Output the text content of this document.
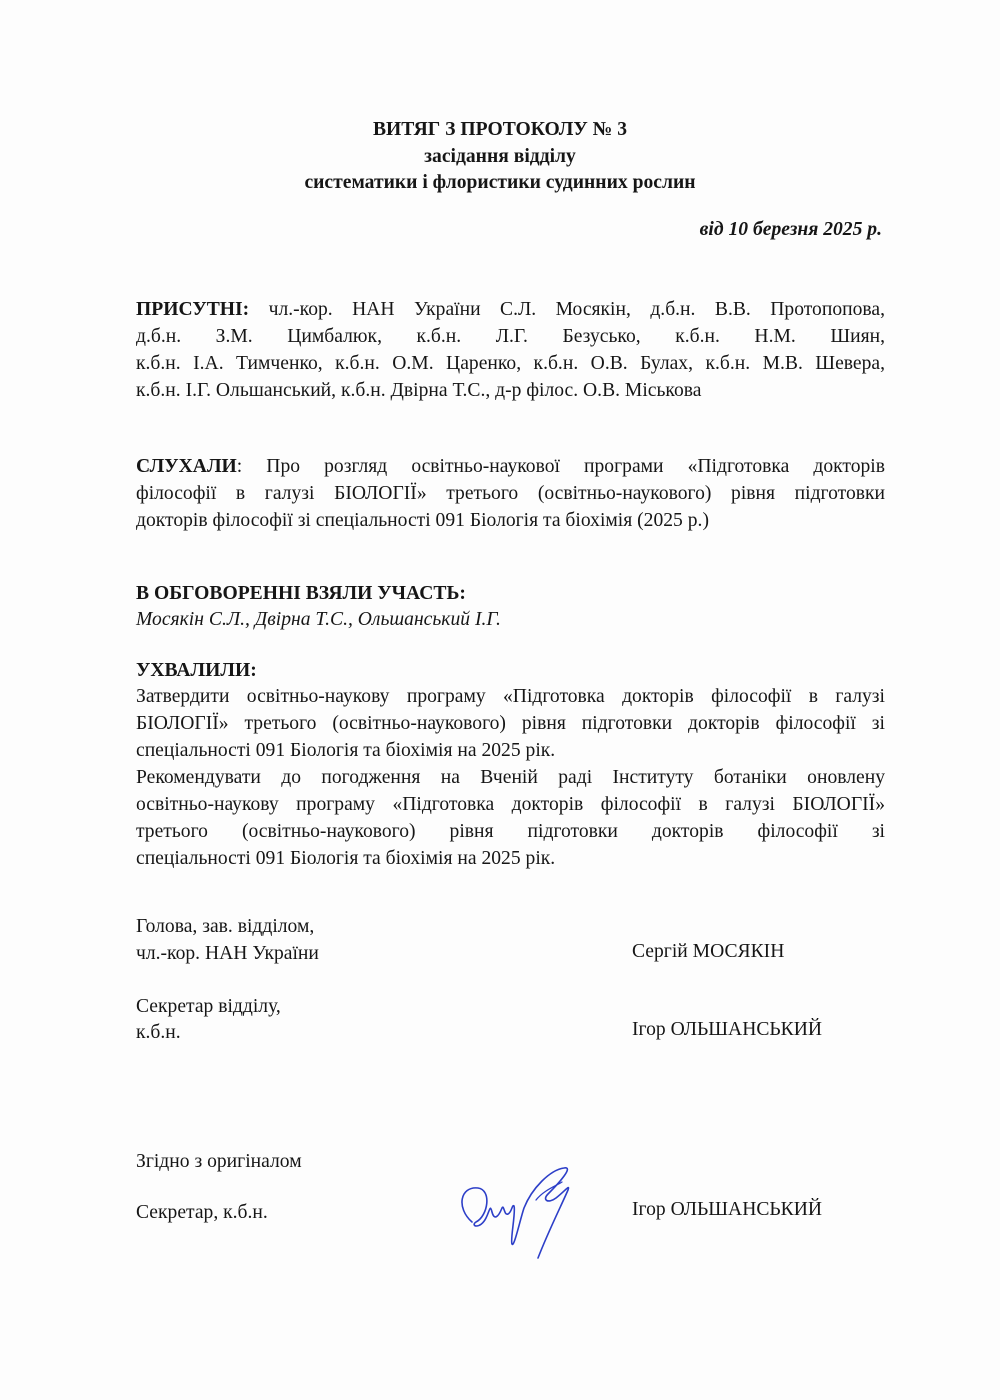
ВИТЯГ З ПРОТОКОЛУ № 3
засідання відділу
систематики і флористики судинних рослин
від 10 березня 2025 р.
ПРИСУТНІ: чл.-кор. НАН України С.Л. Мосякін, д.б.н. В.В. Протопопова,
д.б.н. З.М. Цимбалюк, к.б.н. Л.Г. Безусько, к.б.н. Н.М. Шиян,
к.б.н. І.А. Тимченко, к.б.н. О.М. Царенко, к.б.н. О.В. Булах, к.б.н. М.В. Шевера,
к.б.н. І.Г. Ольшанський, к.б.н. Двірна Т.С., д-р філос. О.В. Міськова
СЛУХАЛИ: Про розгляд освітньо-наукової програми «Підготовка докторів
філософії в галузі БІОЛОГІЇ» третього (освітньо-наукового) рівня підготовки
докторів філософії зі спеціальності 091 Біологія та біохімія (2025 р.)
В ОБГОВОРЕННІ ВЗЯЛИ УЧАСТЬ:
Мосякін С.Л., Двірна Т.С., Ольшанський І.Г.
УХВАЛИЛИ:
Затвердити освітньо-наукову програму «Підготовка докторів філософії в галузі
БІОЛОГІЇ» третього (освітньо-наукового) рівня підготовки докторів філософії зі
спеціальності 091 Біологія та біохімія на 2025 рік.
Рекомендувати до погодження на Вченій раді Інституту ботаніки оновлену
освітньо-наукову програму «Підготовка докторів філософії в галузі БІОЛОГІЇ»
третього (освітньо-наукового) рівня підготовки докторів філософії зі
спеціальності 091 Біологія та біохімія на 2025 рік.
Голова, зав. відділом,
чл.-кор. НАН України	Сергій МОСЯКІН
Секретар відділу,
к.б.н.	Ігор ОЛЬШАНСЬКИЙ
Згідно з оригіналом
Секретар, к.б.н.	Ігор ОЛЬШАНСЬКИЙ
